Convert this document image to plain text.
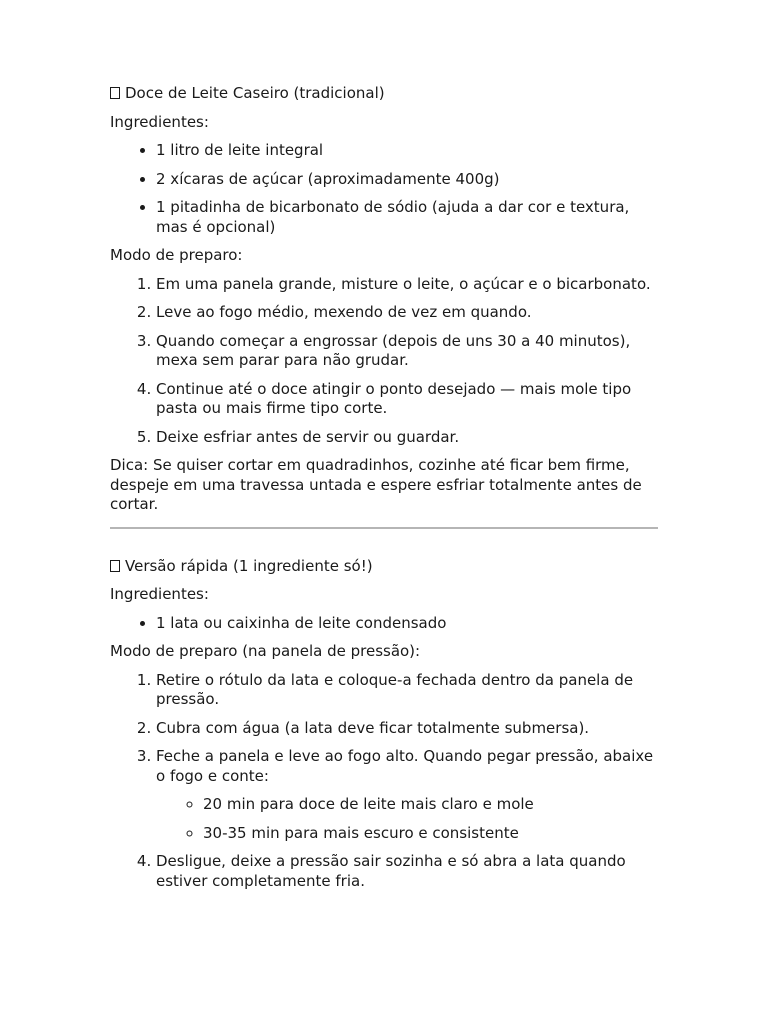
Doce de Leite Caseiro (tradicional)
Ingredientes:
• 1 litro de leite integral
• 2 xícaras de açúcar (aproximadamente 400g)
• 1 pitadinha de bicarbonato de sódio (ajuda a dar cor e textura, mas é opcional)
Modo de preparo:
1. Em uma panela grande, misture o leite, o açúcar e o bicarbonato.
2. Leve ao fogo médio, mexendo de vez em quando.
3. Quando começar a engrossar (depois de uns 30 a 40 minutos), mexa sem parar para não grudar.
4. Continue até o doce atingir o ponto desejado — mais mole tipo pasta ou mais firme tipo corte.
5. Deixe esfriar antes de servir ou guardar.

Dica: Se quiser cortar em quadradinhos, cozinhe até ficar bem firme, despeje em uma travessa untada e espere esfriar totalmente antes de cortar.

Versão rápida (1 ingrediente só!)
Ingredientes:
• 1 lata ou caixinha de leite condensado
Modo de preparo (na panela de pressão):
1. Retire o rótulo da lata e coloque-a fechada dentro da panela de pressão.
2. Cubra com água (a lata deve ficar totalmente submersa).
3. Feche a panela e leve ao fogo alto. Quando pegar pressão, abaixe o fogo e conte:
◦ 20 min para doce de leite mais claro e mole
◦ 30-35 min para mais escuro e consistente
4. Desligue, deixe a pressão sair sozinha e só abra a lata quando estiver completamente fria.
